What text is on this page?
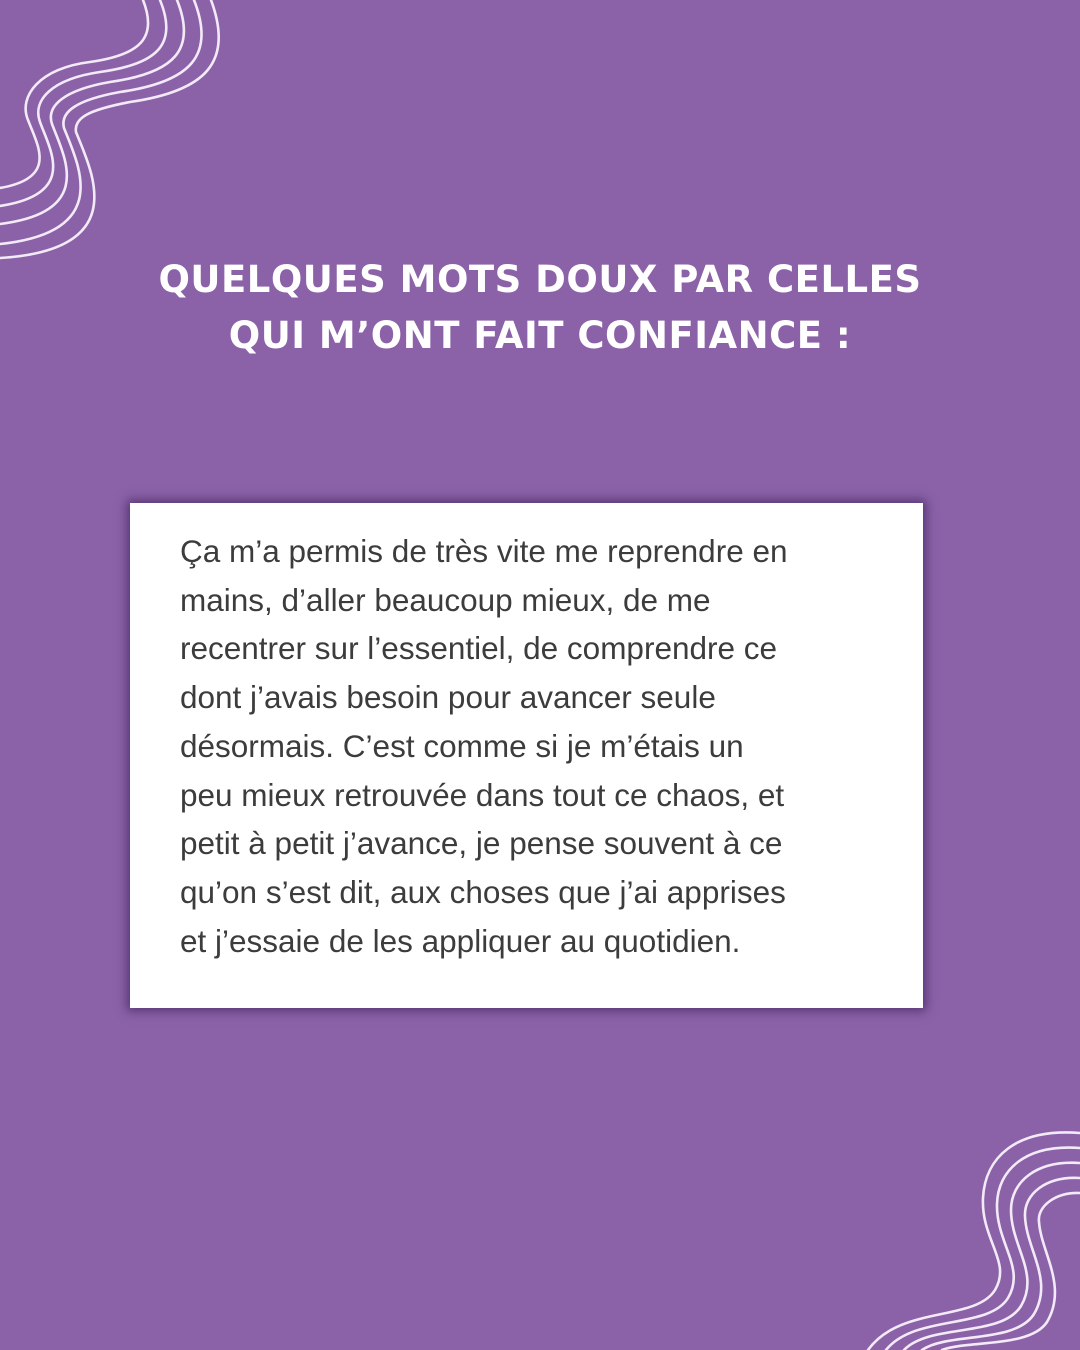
QUELQUES MOTS DOUX PAR CELLES
QUI M’ONT FAIT CONFIANCE :

Ça m’a permis de très vite me reprendre en
mains, d’aller beaucoup mieux, de me
recentrer sur l’essentiel, de comprendre ce
dont j’avais besoin pour avancer seule
désormais. C’est comme si je m’étais un
peu mieux retrouvée dans tout ce chaos, et
petit à petit j’avance, je pense souvent à ce
qu’on s’est dit, aux choses que j’ai apprises
et j’essaie de les appliquer au quotidien.
